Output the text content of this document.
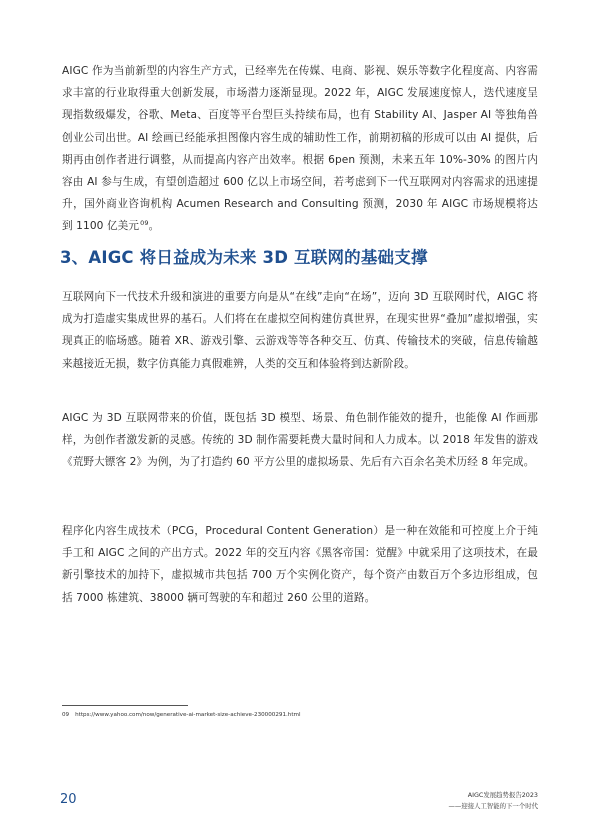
AIGC 作为当前新型的内容生产方式，已经率先在传媒、电商、影视、娱乐等数字化程度高、内容需求丰富的行业取得重大创新发展，市场潜力逐渐显现。2022 年，AIGC 发展速度惊人，迭代速度呈现指数级爆发，谷歌、Meta、百度等平台型巨头持续布局，也有 Stability AI、Jasper AI 等独角兽创业公司出世。AI 绘画已经能承担图像内容生成的辅助性工作，前期初稿的形成可以由 AI 提供，后期再由创作者进行调整，从而提高内容产出效率。根据 6pen 预测，未来五年 10%-30% 的图片内容由 AI 参与生成，有望创造超过 600 亿以上市场空间，若考虑到下一代互联网对内容需求的迅速提升，国外商业咨询机构 Acumen Research and Consulting 预测，2030 年 AIGC 市场规模将达到 1100 亿美元$^{09}$。

3、AIGC 将日益成为未来 3D 互联网的基础支撑

互联网向下一代技术升级和演进的重要方向是从“在线”走向“在场”，迈向 3D 互联网时代，AIGC 将成为打造虚实集成世界的基石。人们将在在虚拟空间构建仿真世界，在现实世界“叠加”虚拟增强，实现真正的临场感。随着 XR、游戏引擎、云游戏等等各种交互、仿真、传输技术的突破，信息传输越来越接近无损，数字仿真能力真假难辨，人类的交互和体验将到达新阶段。

AIGC 为 3D 互联网带来的价值，既包括 3D 模型、场景、角色制作能效的提升，也能像 AI 作画那样，为创作者激发新的灵感。传统的 3D 制作需要耗费大量时间和人力成本。以 2018 年发售的游戏《荒野大镖客 2》为例，为了打造约 60 平方公里的虚拟场景、先后有六百余名美术历经 8 年完成。

程序化内容生成技术（PCG，Procedural Content Generation）是一种在效能和可控度上介于纯手工和 AIGC 之间的产出方式。2022 年的交互内容《黑客帝国：觉醒》中就采用了这项技术，在最新引擎技术的加持下，虚拟城市共包括 700 万个实例化资产，每个资产由数百万个多边形组成，包括 7000 栋建筑、38000 辆可驾驶的车和超过 260 公里的道路。

09 https://www.yahoo.com/now/generative-ai-market-size-achieve-230000291.html
20	AIGC发展趋势报告2023
——迎接人工智能的下一个时代
